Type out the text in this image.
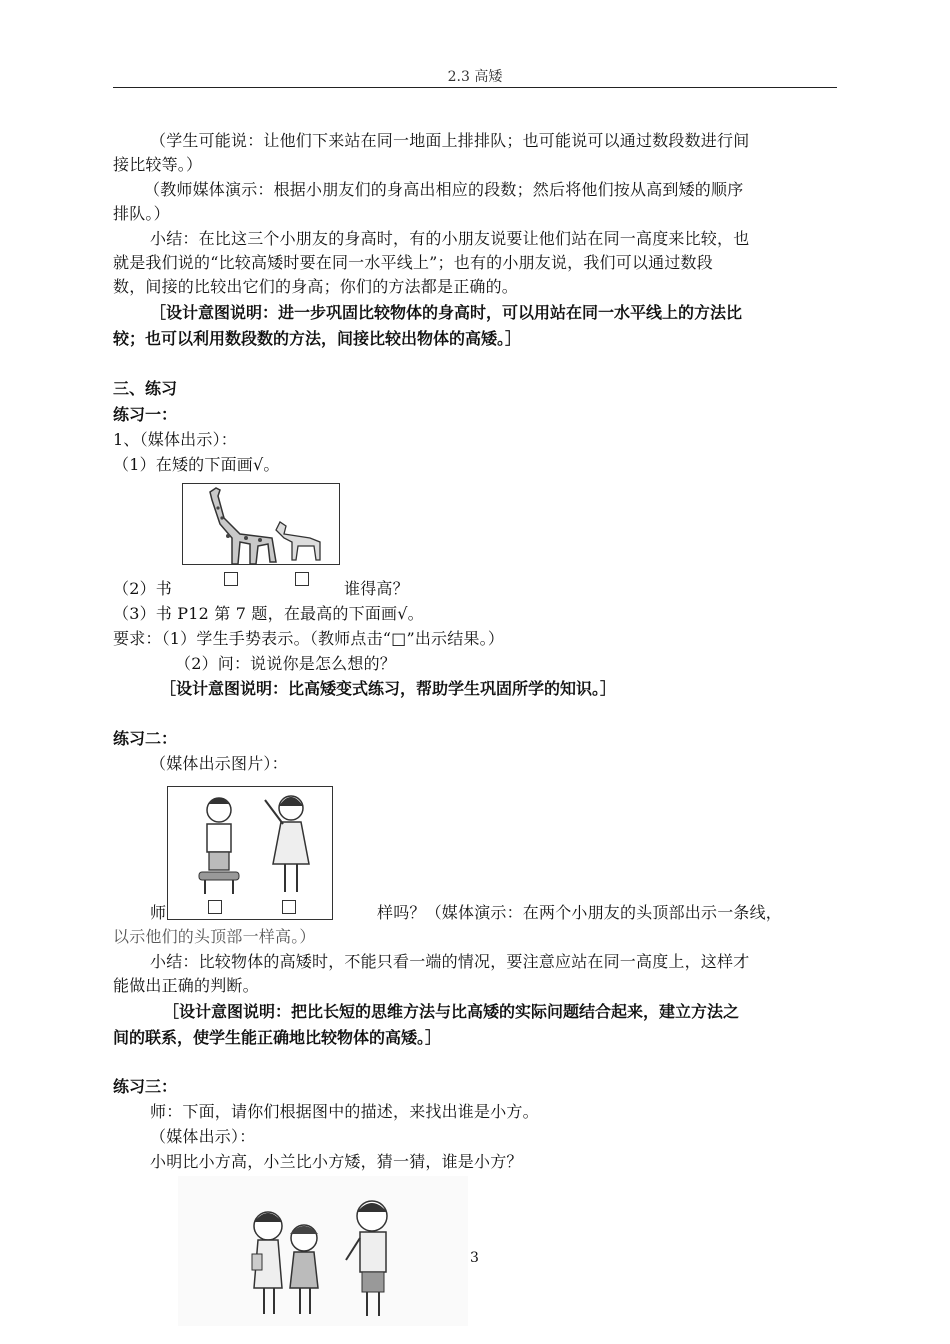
2.3 高矮
（学生可能说：让他们下来站在同一地面上排排队；也可能说可以通过数段数进行间
接比较等。）
（教师媒体演示：根据小朋友们的身高出相应的段数；然后将他们按从高到矮的顺序
排队。）
小结：在比这三个小朋友的身高时，有的小朋友说要让他们站在同一高度来比较，也
就是我们说的“比较高矮时要在同一水平线上”；也有的小朋友说，我们可以通过数段
数，间接的比较出它们的身高；你们的方法都是正确的。
［设计意图说明：进一步巩固比较物体的身高时，可以用站在同一水平线上的方法比
较；也可以利用数段数的方法，间接比较出物体的高矮。］
三、练习
练习一：
1、（媒体出示）：
（1）在矮的下面画√。
（2）书	谁得高？
（3）书 P12 第 7 题，在最高的下面画√。
要求：（1）学生手势表示。（教师点击“□”出示结果。）
（2）问：说说你是怎么想的？
［设计意图说明：比高矮变式练习，帮助学生巩固所学的知识。］
练习二：
（媒体出示图片）：
师	样吗？（媒体演示：在两个小朋友的头顶部出示一条线，
以示他们的头顶部一样高。）
小结：比较物体的高矮时，不能只看一端的情况，要注意应站在同一高度上，这样才
能做出正确的判断。
［设计意图说明：把比长短的思维方法与比高矮的实际问题结合起来，建立方法之
间的联系，使学生能正确地比较物体的高矮。］
练习三：
师：下面，请你们根据图中的描述，来找出谁是小方。
（媒体出示）：
小明比小方高，小兰比小方矮，猜一猜，谁是小方？
3
